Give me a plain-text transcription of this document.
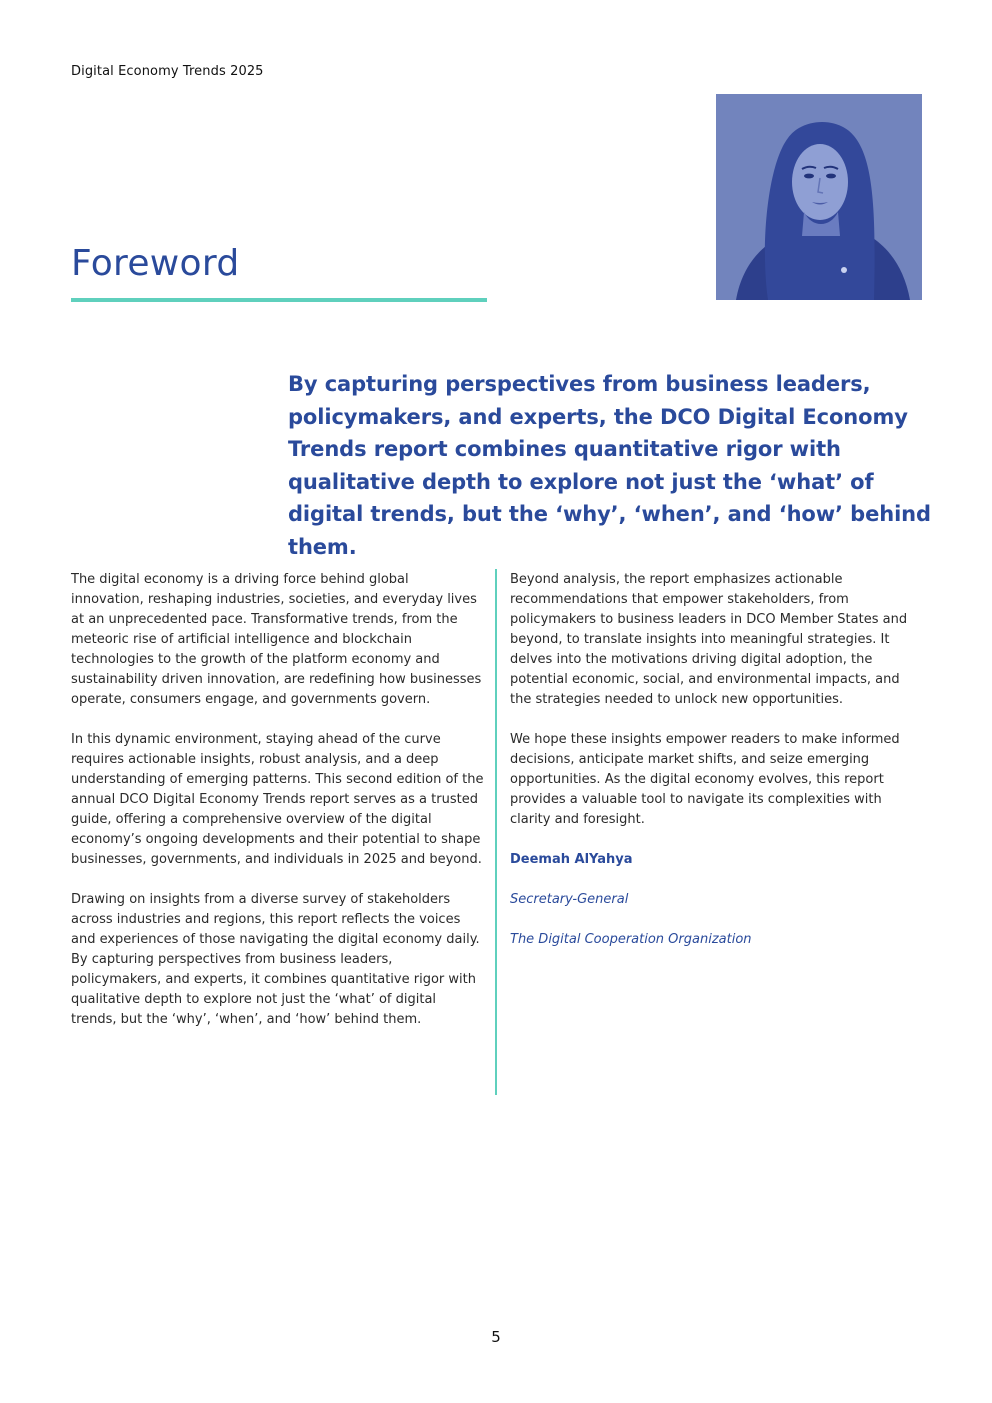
Digital Economy Trends 2025
Foreword

By capturing perspectives from business leaders, policymakers, and experts, the DCO Digital Economy Trends report combines quantitative rigor with qualitative depth to explore not just the ‘what’ of digital trends, but the ‘why’, ‘when’, and ‘how’ behind them.

The digital economy is a driving force behind global innovation, reshaping industries, societies, and everyday lives at an unprecedented pace. Transformative trends, from the meteoric rise of artificial intelligence and blockchain technologies to the growth of the platform economy and sustainability driven innovation, are redefining how businesses operate, consumers engage, and governments govern.

In this dynamic environment, staying ahead of the curve requires actionable insights, robust analysis, and a deep understanding of emerging patterns. This second edition of the annual DCO Digital Economy Trends report serves as a trusted guide, offering a comprehensive overview of the digital economy’s ongoing developments and their potential to shape businesses, governments, and individuals in 2025 and beyond.

Drawing on insights from a diverse survey of stakeholders across industries and regions, this report reflects the voices and experiences of those navigating the digital economy daily. By capturing perspectives from business leaders, policymakers, and experts, it combines quantitative rigor with qualitative depth to explore not just the ‘what’ of digital trends, but the ‘why’, ‘when’, and ‘how’ behind them.

Beyond analysis, the report emphasizes actionable recommendations that empower stakeholders, from policymakers to business leaders in DCO Member States and beyond, to translate insights into meaningful strategies. It delves into the motivations driving digital adoption, the potential economic, social, and environmental impacts, and the strategies needed to unlock new opportunities.

We hope these insights empower readers to make informed decisions, anticipate market shifts, and seize emerging opportunities. As the digital economy evolves, this report provides a valuable tool to navigate its complexities with clarity and foresight.

Deemah AlYahya

Secretary-General

The Digital Cooperation Organization

5
